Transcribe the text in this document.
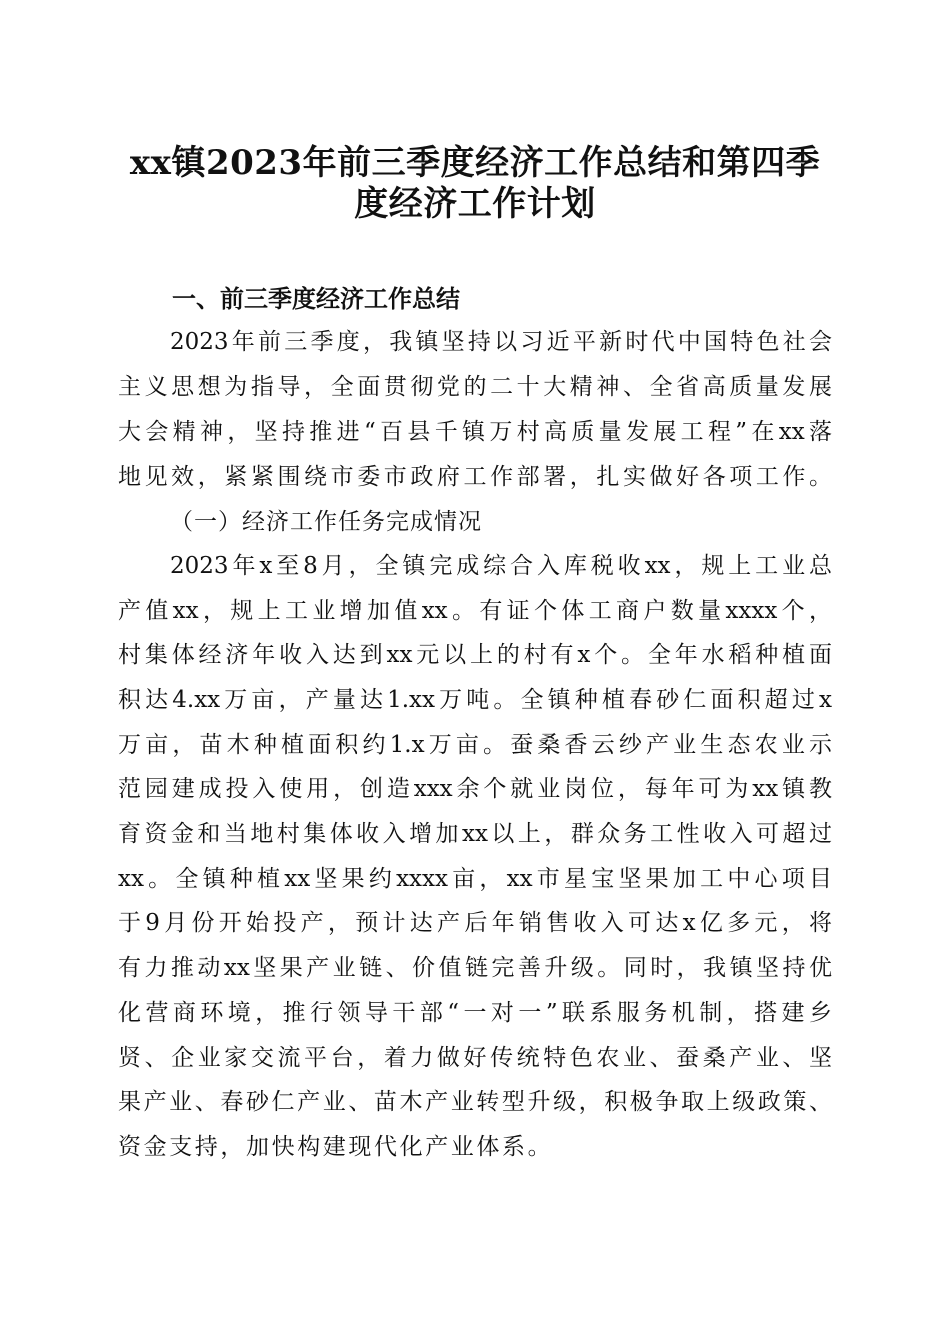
xx镇2023年前三季度经济工作总结和第四季
度经济工作计划
一、前三季度经济工作总结
2023年前三季度，我镇坚持以习近平新时代中国特色社会
主义思想为指导，全面贯彻党的二十大精神、全省高质量发展
大会精神，坚持推进“百县千镇万村高质量发展工程”在xx落
地见效，紧紧围绕市委市政府工作部署，扎实做好各项工作。
（一）经济工作任务完成情况
2023年x至8月，全镇完成综合入库税收xx，规上工业总
产值xx，规上工业增加值xx。有证个体工商户数量xxxx个，
村集体经济年收入达到xx元以上的村有x个。全年水稻种植面
积达4.xx万亩，产量达1.xx万吨。全镇种植春砂仁面积超过x
万亩，苗木种植面积约1.x万亩。蚕桑香云纱产业生态农业示
范园建成投入使用，创造xxx余个就业岗位，每年可为xx镇教
育资金和当地村集体收入增加xx以上，群众务工性收入可超过
xx。全镇种植xx坚果约xxxx亩，xx市星宝坚果加工中心项目
于9月份开始投产，预计达产后年销售收入可达x亿多元，将
有力推动xx坚果产业链、价值链完善升级。同时，我镇坚持优
化营商环境，推行领导干部“一对一”联系服务机制，搭建乡
贤、企业家交流平台，着力做好传统特色农业、蚕桑产业、坚
果产业、春砂仁产业、苗木产业转型升级，积极争取上级政策、
资金支持，加快构建现代化产业体系。
